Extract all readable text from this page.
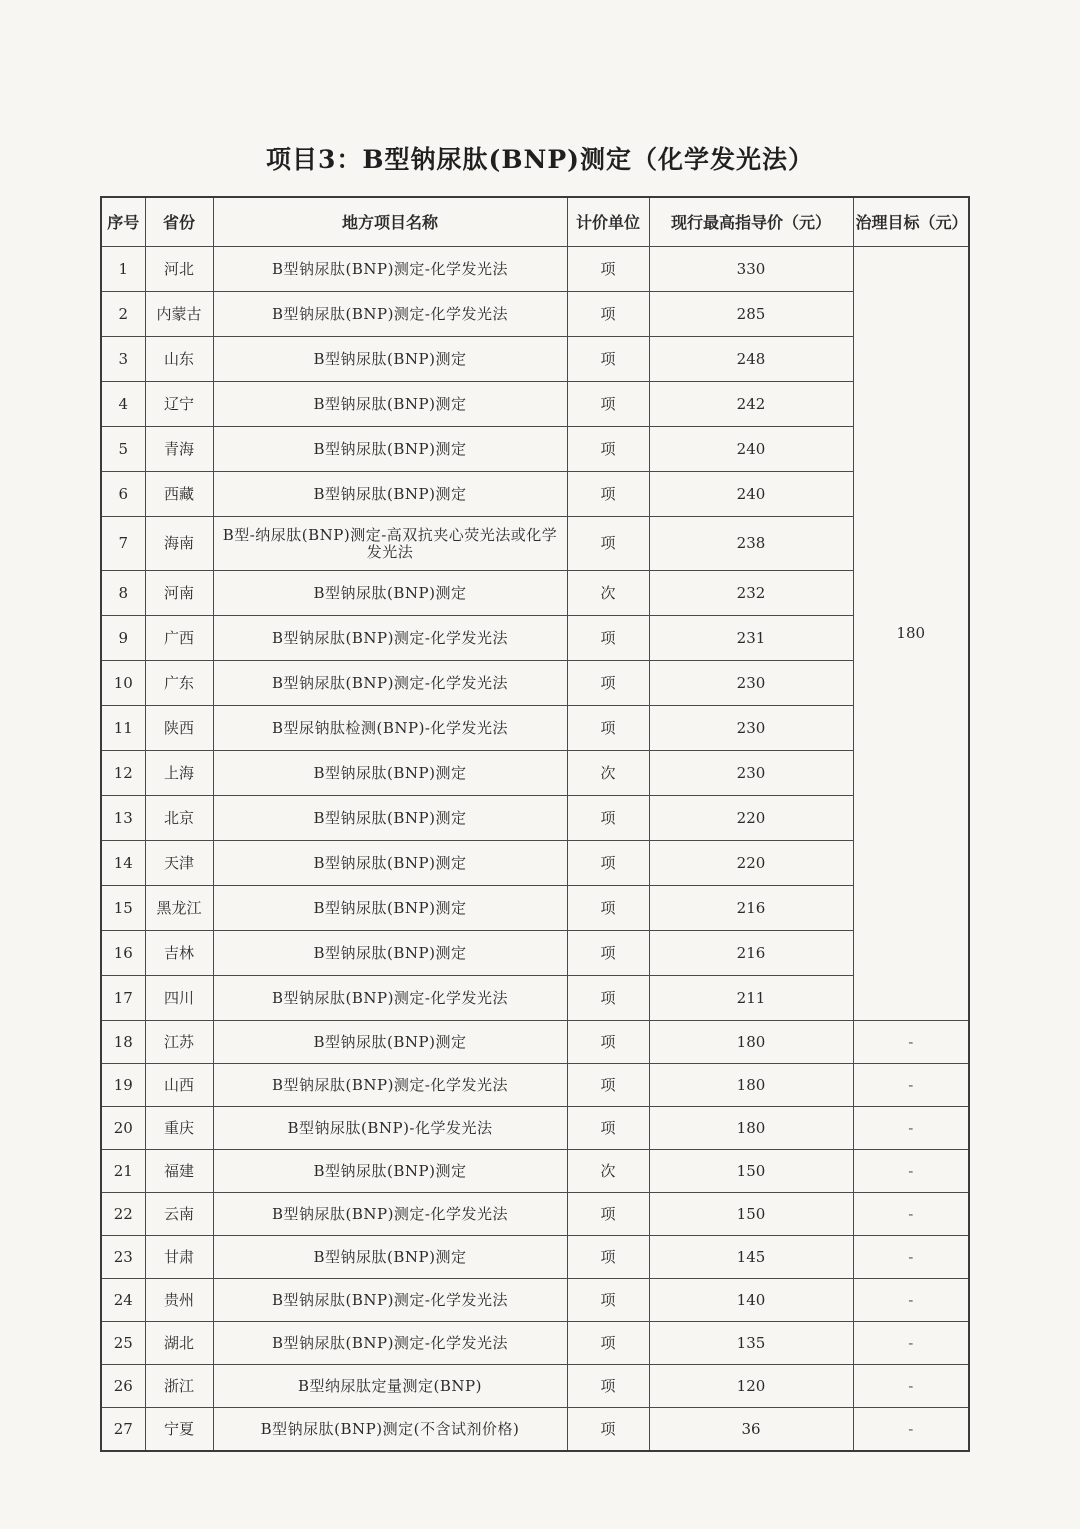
项目3：B型钠尿肽(BNP)测定（化学发光法）
序号	省份	地方项目名称	计价单位	现行最高指导价（元）	治理目标（元）
1	河北	B型钠尿肽(BNP)测定-化学发光法	项	330	180
2	内蒙古	B型钠尿肽(BNP)测定-化学发光法	项	285	
3	山东	B型钠尿肽(BNP)测定	项	248	
4	辽宁	B型钠尿肽(BNP)测定	项	242	
5	青海	B型钠尿肽(BNP)测定	项	240	
6	西藏	B型钠尿肽(BNP)测定	项	240	
7	海南	B型-纳尿肽(BNP)测定-高双抗夹心荧光法或化学发光法	项	238	
8	河南	B型钠尿肽(BNP)测定	次	232	
9	广西	B型钠尿肽(BNP)测定-化学发光法	项	231	
10	广东	B型钠尿肽(BNP)测定-化学发光法	项	230	
11	陕西	B型尿钠肽检测(BNP)-化学发光法	项	230	
12	上海	B型钠尿肽(BNP)测定	次	230	
13	北京	B型钠尿肽(BNP)测定	项	220	
14	天津	B型钠尿肽(BNP)测定	项	220	
15	黑龙江	B型钠尿肽(BNP)测定	项	216	
16	吉林	B型钠尿肽(BNP)测定	项	216	
17	四川	B型钠尿肽(BNP)测定-化学发光法	项	211	
18	江苏	B型钠尿肽(BNP)测定	项	180	-
19	山西	B型钠尿肽(BNP)测定-化学发光法	项	180	-
20	重庆	B型钠尿肽(BNP)-化学发光法	项	180	-
21	福建	B型钠尿肽(BNP)测定	次	150	-
22	云南	B型钠尿肽(BNP)测定-化学发光法	项	150	-
23	甘肃	B型钠尿肽(BNP)测定	项	145	-
24	贵州	B型钠尿肽(BNP)测定-化学发光法	项	140	-
25	湖北	B型钠尿肽(BNP)测定-化学发光法	项	135	-
26	浙江	B型纳尿肽定量测定(BNP)	项	120	-
27	宁夏	B型钠尿肽(BNP)测定(不含试剂价格)	项	36	-
